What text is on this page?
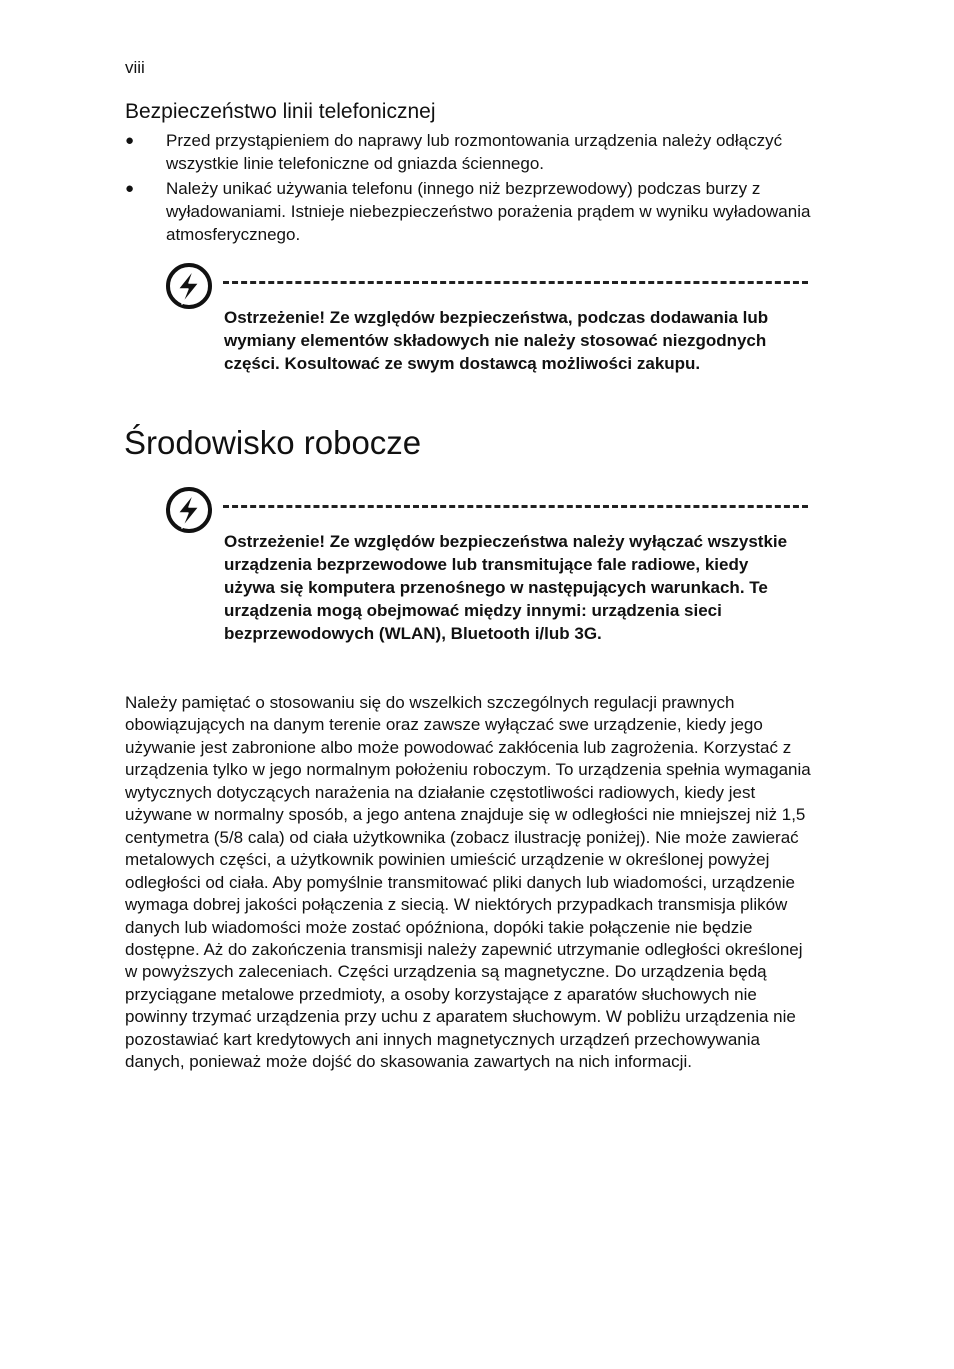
viii
Bezpieczeństwo linii telefonicznej
● Przed przystąpieniem do naprawy lub rozmontowania urządzenia należy odłączyć wszystkie linie telefoniczne od gniazda ściennego.
● Należy unikać używania telefonu (innego niż bezprzewodowy) podczas burzy z wyładowaniami. Istnieje niebezpieczeństwo porażenia prądem w wyniku wyładowania atmosferycznego.
Ostrzeżenie! Ze względów bezpieczeństwa, podczas dodawania lub wymiany elementów składowych nie należy stosować niezgodnych części. Kosultować ze swym dostawcą możliwości zakupu.
Środowisko robocze
Ostrzeżenie! Ze względów bezpieczeństwa należy wyłączać wszystkie urządzenia bezprzewodowe lub transmitujące fale radiowe, kiedy używa się komputera przenośnego w następujących warunkach. Te urządzenia mogą obejmować między innymi: urządzenia sieci bezprzewodowych (WLAN), Bluetooth i/lub 3G.

Należy pamiętać o stosowaniu się do wszelkich szczególnych regulacji prawnych obowiązujących na danym terenie oraz zawsze wyłączać swe urządzenie, kiedy jego używanie jest zabronione albo może powodować zakłócenia lub zagrożenia. Korzystać z urządzenia tylko w jego normalnym położeniu roboczym. To urządzenia spełnia wymagania wytycznych dotyczących narażenia na działanie częstotliwości radiowych, kiedy jest używane w normalny sposób, a jego antena znajduje się w odległości nie mniejszej niż 1,5 centymetra (5/8 cala) od ciała użytkownika (zobacz ilustrację poniżej). Nie może zawierać metalowych części, a użytkownik powinien umieścić urządzenie w określonej powyżej odległości od ciała. Aby pomyślnie transmitować pliki danych lub wiadomości, urządzenie wymaga dobrej jakości połączenia z siecią. W niektórych przypadkach transmisja plików danych lub wiadomości może zostać opóźniona, dopóki takie połączenie nie będzie dostępne. Aż do zakończenia transmisji należy zapewnić utrzymanie odległości określonej w powyższych zaleceniach. Części urządzenia są magnetyczne. Do urządzenia będą przyciągane metalowe przedmioty, a osoby korzystające z aparatów słuchowych nie powinny trzymać urządzenia przy uchu z aparatem słuchowym. W pobliżu urządzenia nie pozostawiać kart kredytowych ani innych magnetycznych urządzeń przechowywania danych, ponieważ może dojść do skasowania zawartych na nich informacji.
